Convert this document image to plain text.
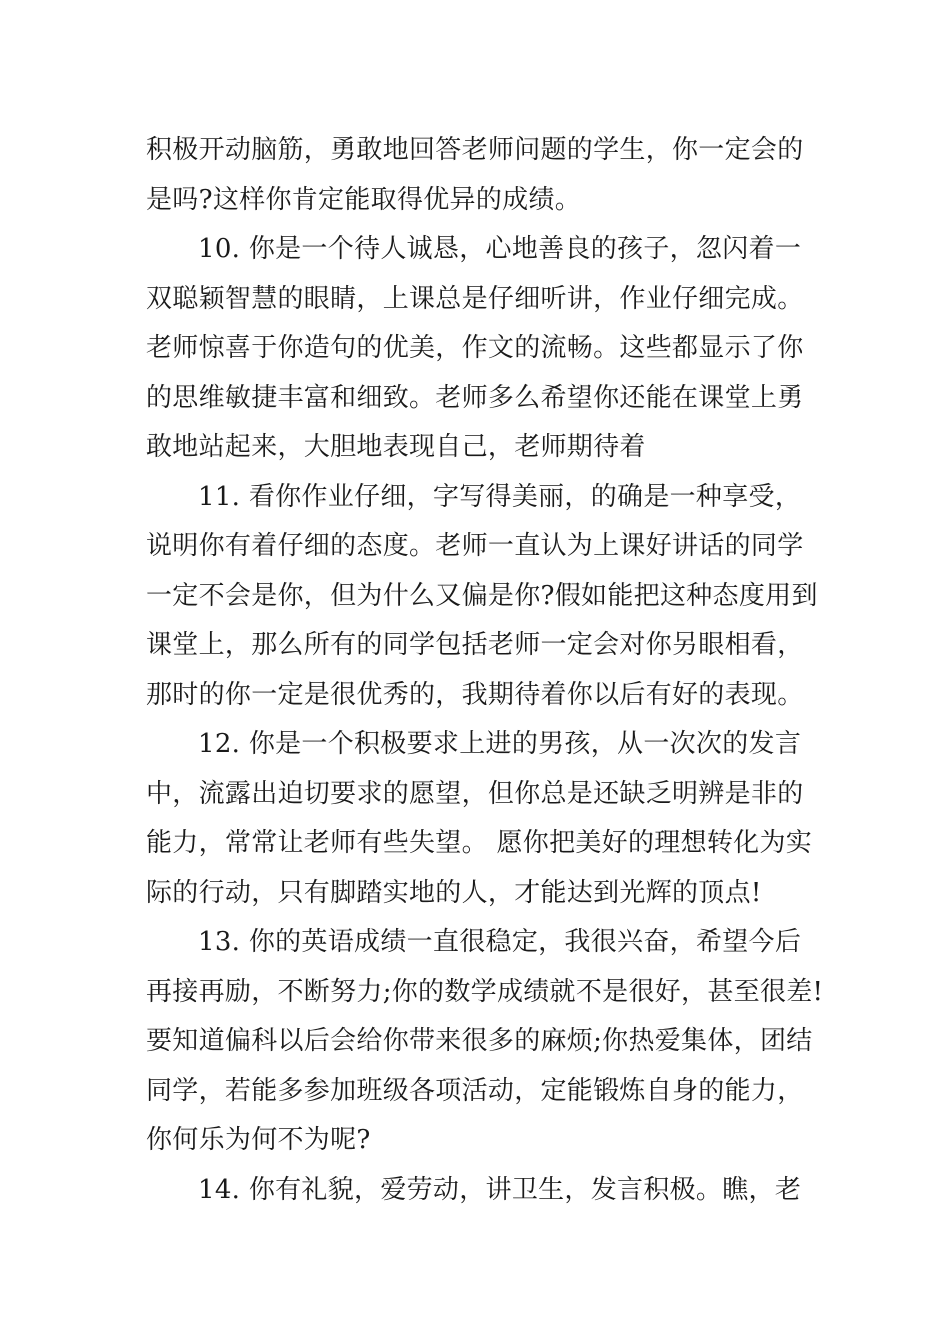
积极开动脑筋，勇敢地回答老师问题的学生，你一定会的
是吗?这样你肯定能取得优异的成绩。

10. 你是一个待人诚恳，心地善良的孩子，忽闪着一
双聪颖智慧的眼睛，上课总是仔细听讲，作业仔细完成。
老师惊喜于你造句的优美，作文的流畅。这些都显示了你
的思维敏捷丰富和细致。老师多么希望你还能在课堂上勇
敢地站起来，大胆地表现自己，老师期待着

11. 看你作业仔细，字写得美丽，的确是一种享受，
说明你有着仔细的态度。老师一直认为上课好讲话的同学
一定不会是你，但为什么又偏是你?假如能把这种态度用到
课堂上，那么所有的同学包括老师一定会对你另眼相看，
那时的你一定是很优秀的，我期待着你以后有好的表现。

12. 你是一个积极要求上进的男孩，从一次次的发言
中，流露出迫切要求的愿望，但你总是还缺乏明辨是非的
能力，常常让老师有些失望。 愿你把美好的理想转化为实
际的行动，只有脚踏实地的人，才能达到光辉的顶点!

13. 你的英语成绩一直很稳定，我很兴奋，希望今后
再接再励，不断努力;你的数学成绩就不是很好，甚至很差!
要知道偏科以后会给你带来很多的麻烦;你热爱集体，团结
同学，若能多参加班级各项活动，定能锻炼自身的能力，
你何乐为何不为呢?

14. 你有礼貌，爱劳动，讲卫生，发言积极。瞧，老
